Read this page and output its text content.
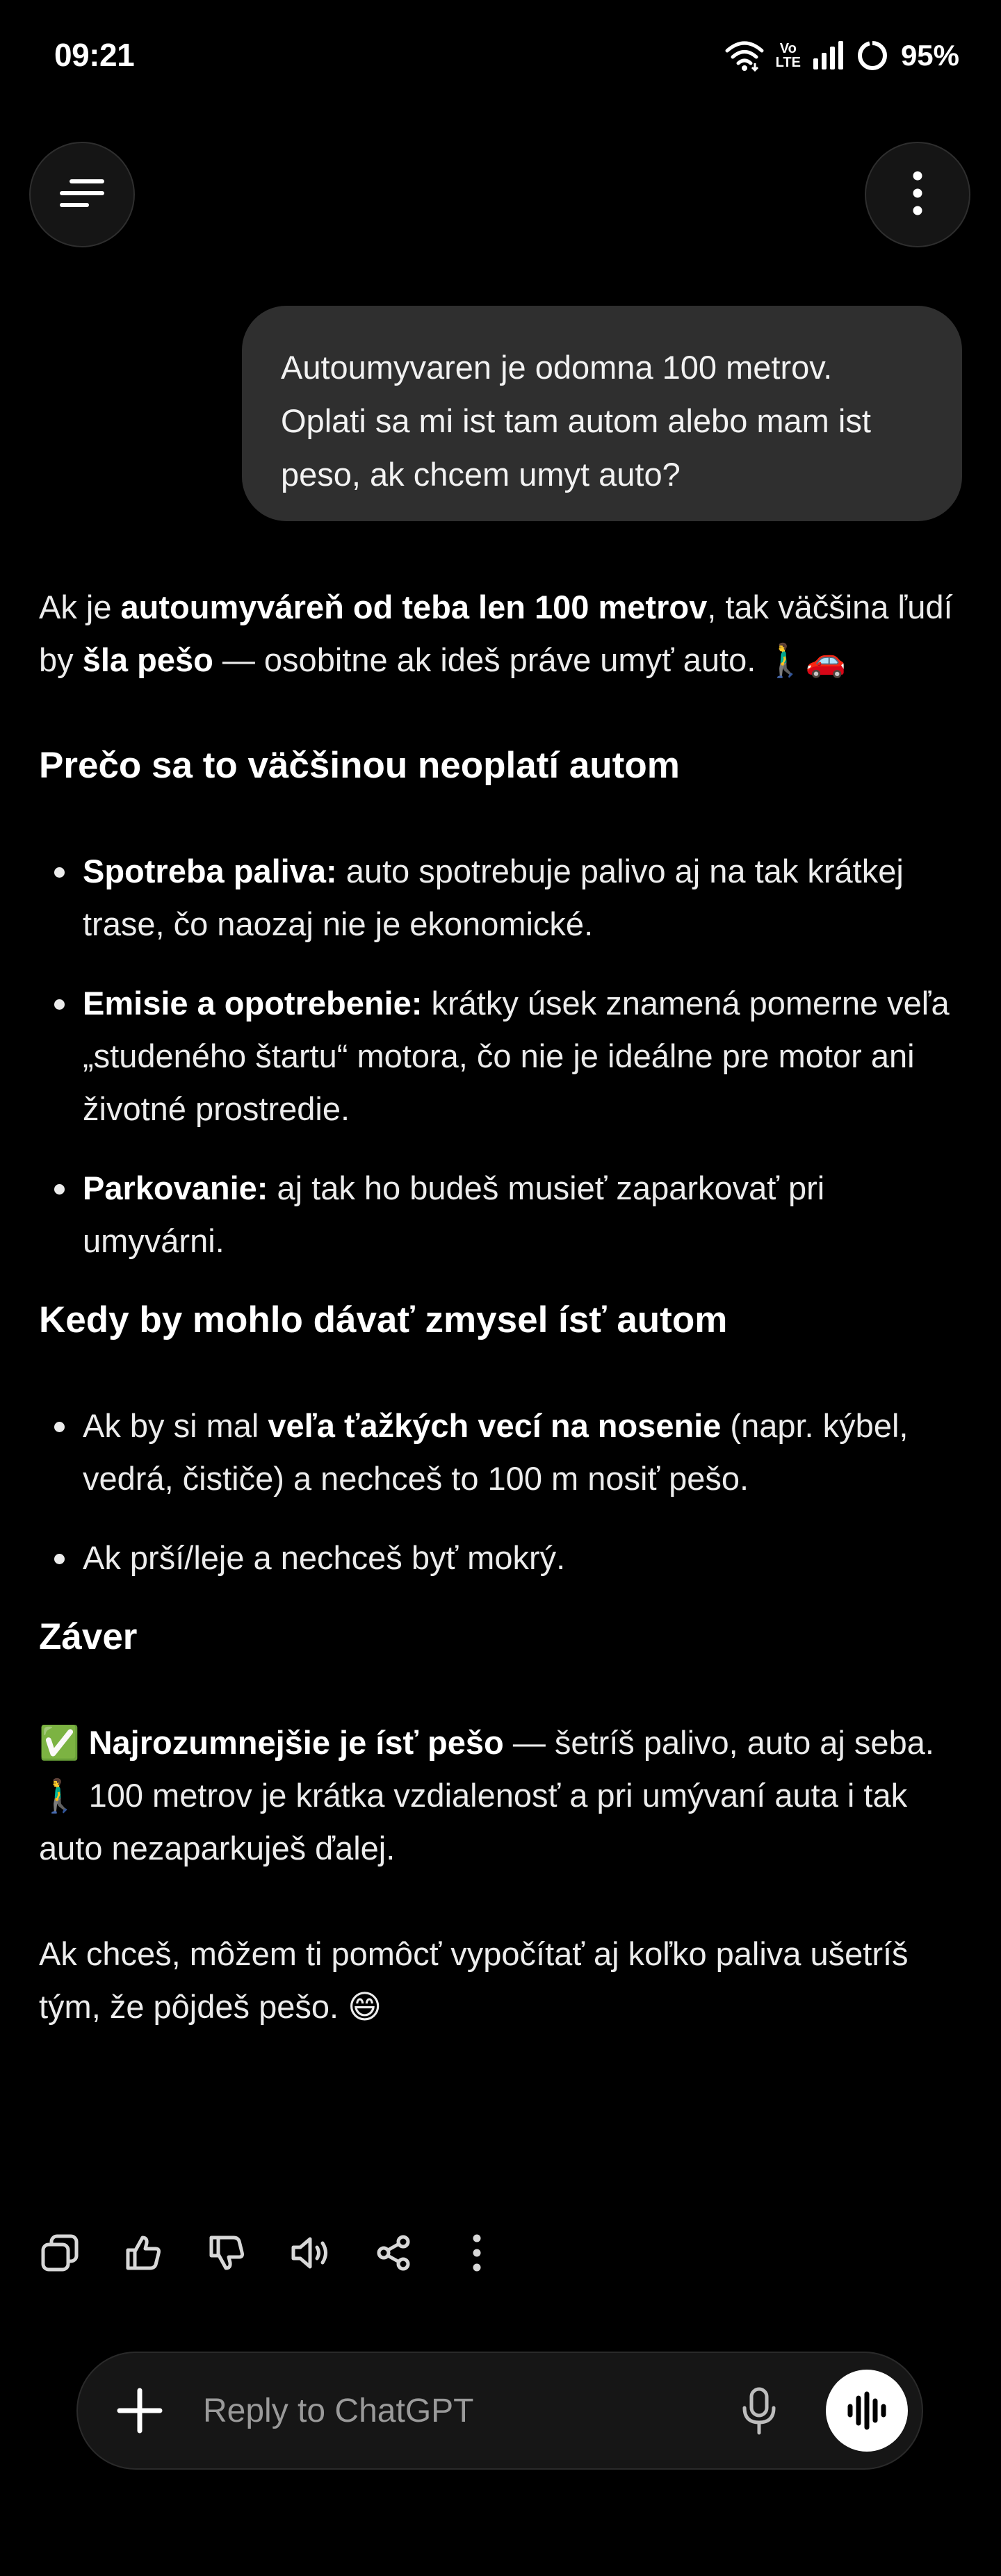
09:21	Vo
LTE	95%
Autoumyvaren je odomna 100 metrov. Oplati sa mi ist tam autom alebo mam ist peso, ak chcem umyt auto?

Ak je autoumyváreň od teba len 100 metrov, tak väčšina ľudí by šla pešo — osobitne ak ideš práve umyť auto. 🚶‍♂️🚗

Prečo sa to väčšinou neoplatí autom
Spotreba paliva: auto spotrebuje palivo aj na tak krátkej trase, čo naozaj nie je ekonomické.
Emisie a opotrebenie: krátky úsek znamená pomerne veľa „studeného štartu“ motora, čo nie je ideálne pre motor ani životné prostredie.
Parkovanie: aj tak ho budeš musieť zaparkovať pri umyvárni.
Kedy by mohlo dávať zmysel ísť autom
Ak by si mal veľa ťažkých vecí na nosenie (napr. kýbel, vedrá, čističe) a nechceš to 100 m nosiť pešo.
Ak prší/leje a nechceš byť mokrý.
Záver

✅ Najrozumnejšie je ísť pešo — šetríš palivo, auto aj seba.
🚶‍♂️ 100 metrov je krátka vzdialenosť a pri umývaní auta i tak auto nezaparkuješ ďalej.

Ak chceš, môžem ti pomôcť vypočítať aj koľko paliva ušetríš tým, že pôjdeš pešo. 😄

Reply to ChatGPT
